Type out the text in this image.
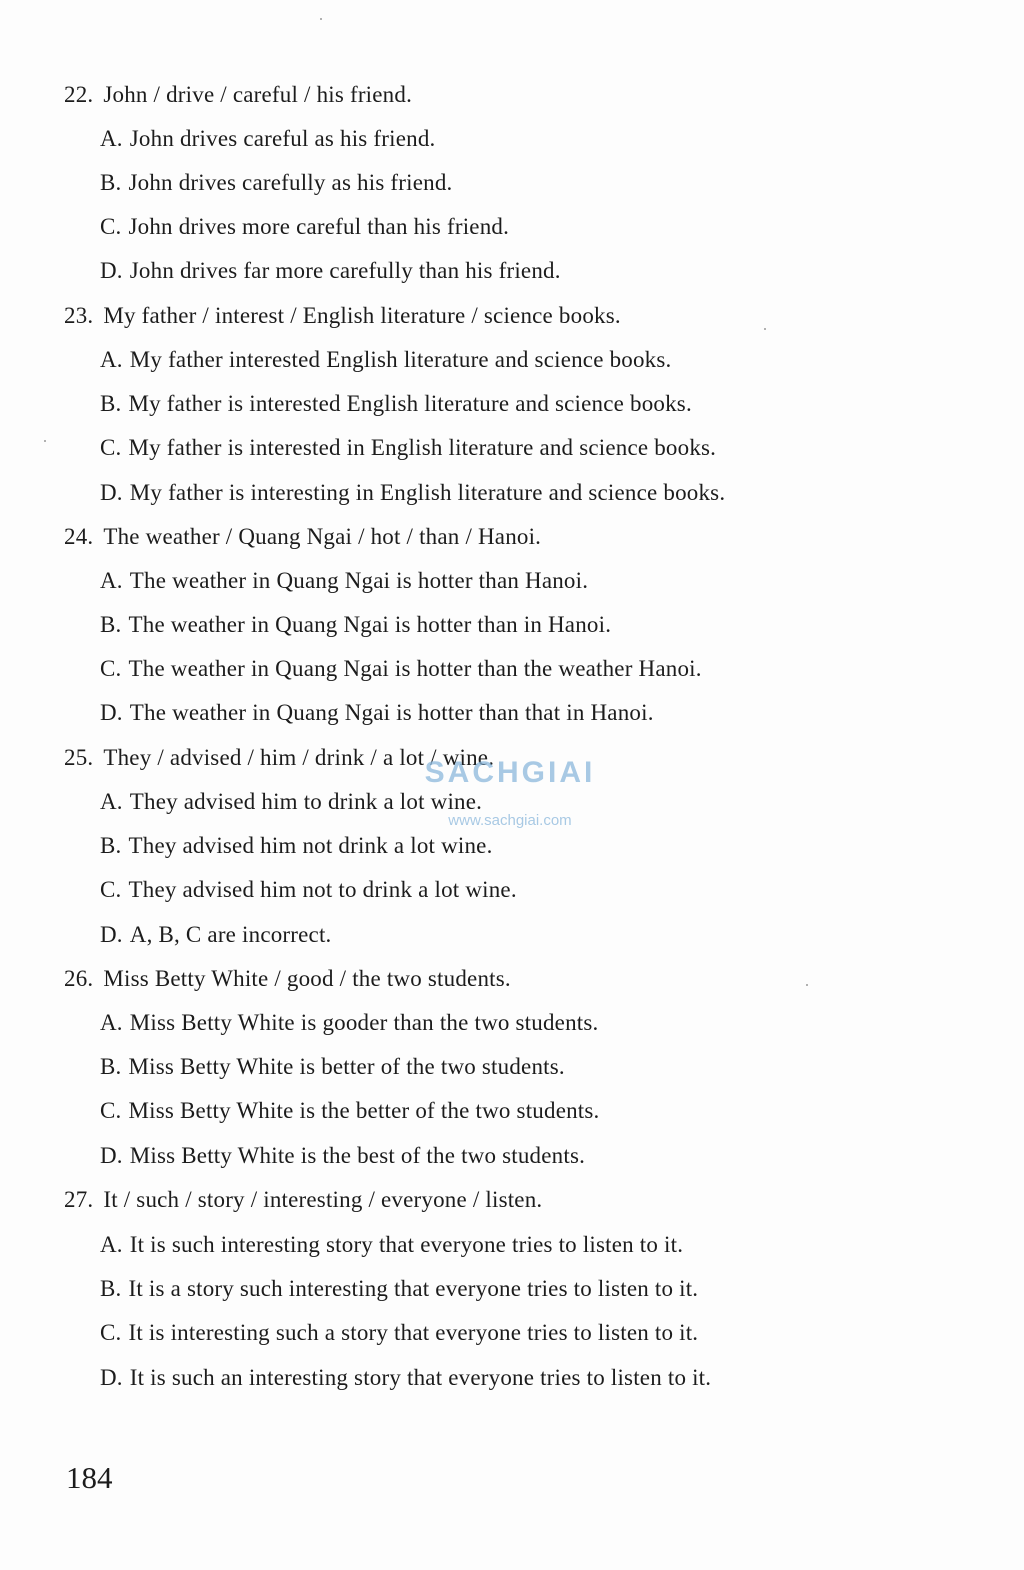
22. John / drive / careful / his friend.
A. John drives careful as his friend.
B. John drives carefully as his friend.
C. John drives more careful than his friend.
D. John drives far more carefully than his friend.
23. My father / interest / English literature / science books.
A. My father interested English literature and science books.
B. My father is interested English literature and science books.
C. My father is interested in English literature and science books.
D. My father is interesting in English literature and science books.
24. The weather / Quang Ngai / hot / than / Hanoi.
A. The weather in Quang Ngai is hotter than Hanoi.
B. The weather in Quang Ngai is hotter than in Hanoi.
C. The weather in Quang Ngai is hotter than the weather Hanoi.
D. The weather in Quang Ngai is hotter than that in Hanoi.
25. They / advised / him / drink / a lot / wine.
A. They advised him to drink a lot wine.
B. They advised him not drink a lot wine.
C. They advised him not to drink a lot wine.
D. A, B, C are incorrect.
26. Miss Betty White / good / the two students.
A. Miss Betty White is gooder than the two students.
B. Miss Betty White is better of the two students.
C. Miss Betty White is the better of the two students.
D. Miss Betty White is the best of the two students.
27. It / such / story / interesting / everyone / listen.
A. It is such interesting story that everyone tries to listen to it.
B. It is a story such interesting that everyone tries to listen to it.
C. It is interesting such a story that everyone tries to listen to it.
D. It is such an interesting story that everyone tries to listen to it.
SACHGIAI
www.sachgiai.com
184
